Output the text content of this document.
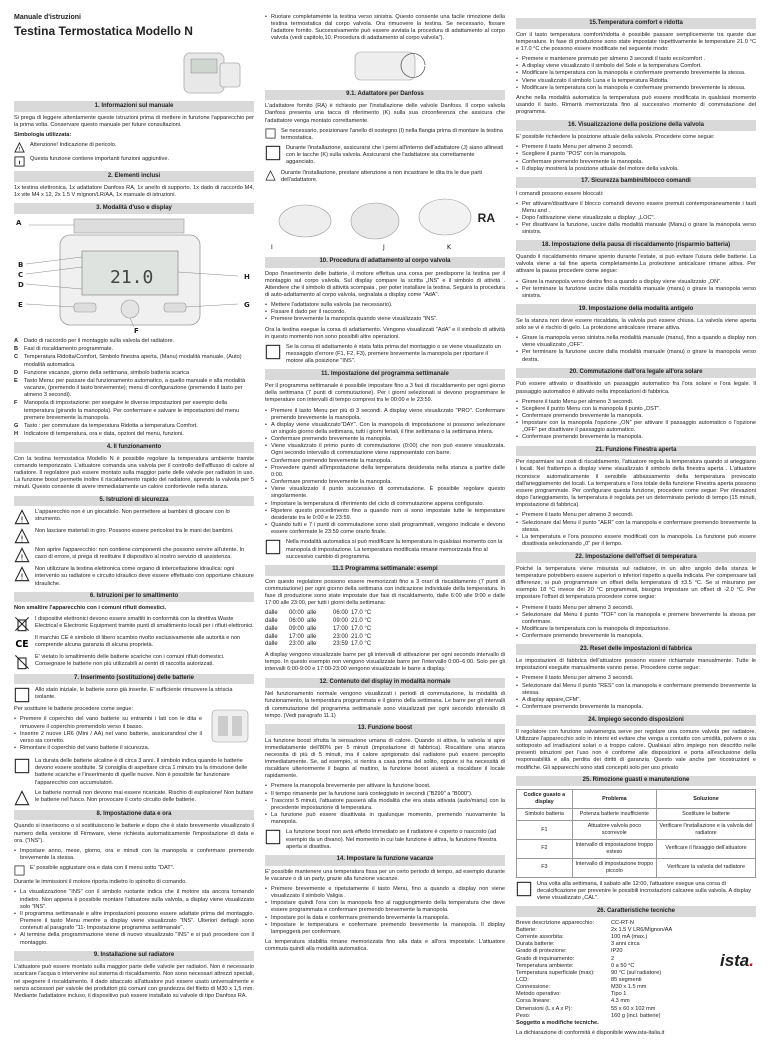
Manuale d'istruzioni
Testina Termostatica Modello N
1. Informazioni sul manuale

Si prega di leggere attentamente queste istruzioni prima di mettere in funzione l'apparecchio per la prima volta. Conservare questo manuale per future consultazioni.

Simbologia utilizzata:

!
Attenzione! Indicazione di pericolo.
Questa funzione contiene importanti funzioni aggiuntive.
2. Elementi inclusi

1x testina elettronica, 1x adattatore Danfoss RA, 1x anello di supporto, 1x dado di raccordo M4, 1x vite M4 x 12, 2x 1.5 V mignon/LR/AA, 1x manuale di istruzioni.

3. Modalità d'uso e display
A
B
C
D
E
F
G
H
21.0
A	Dado di raccordo per il montaggio sulla valvola del radiatore.
B	Fasi di riscaldamento programmate.
C	Temperatura Ridotta/Comfort, Simbolo finestra aperta, (Manu) modalità manuale, (Auto) modalità automatica.
D	Funzione vacanze, giorno della settimana, simbolo batteria scarica
E	Tasto Menu: per passare dal funzionamento automatico, a quello manuale e alla modalità vacanze, (premendo il tasto brevemente); menu di configurazione (premendo il tasto per almeno 3 secondi).
F	Manopola di impostazione: per eseguire le diverse impostazioni per esempio della temperatura (girando la manopola). Per confermare e salvare le impostazioni del menu premere brevemente la manopola.
G Tasto : per commutare da temperatura Ridotta a temperatura Comfort.
H	Indicatore di temperatura, ora e data, opzioni del menu, funzioni.
4. Il funzionamento

Con la testina termostatica Modello N è possibile regolare la temperatura ambiente tramite comando temporizzato. L'attuatore comanda una valvola per il controllo dell'afflusso di calore al radiatore. Il regolatore può essere montato sulla maggior parte delle valvole per radiatori in uso. La funzione boost permette inoltre il riscaldamento rapido del radiatore, aprendo la valvola per 5 minuti. Questo consente di avere immediatamente un calore confortevole nella stanza.

5. Istruzioni di sicurezza
!
L'apparecchio non è un giocattolo. Non permettere ai bambini di giocare con lo strumento.
!
Non lasciare materiali in giro. Possono essere pericolosi tra le mani dei bambini.
!
Non aprire l'apparecchio: non contiene componenti che possono servire all'utente. In caso di errore, si prega di restituire il dispositivo al nostro servizio di assistenza.
!
Non utilizzare la testina elettronica come organo di intercettazione idraulica: ogni intervento su radiatore e circuito idraulico deve essere effettuato con opportune chiusure idrauliche.
6. Istruzioni per lo smaltimento

Non smaltire l'apparecchio con i comuni rifiuti domestici.

I dispositivi elettronici devono essere smaltiti in conformità con la direttiva Waste Electrical e Electronic Equipment tramite punti di smaltimento locali per i rifiuti elettronici.
CE
Il marchio CE è simbolo di libero scambio rivolto esclusivamente alle autorità e non comprende alcuna garanzia di alcuna proprietà.
E' vietato lo smaltimento delle batterie scariche con i comuni rifiuti domestici. Consegnare le batterie non più utilizzabili ai centri di raccolta autorizzati.
7. Inserimento (sostituzione) delle batterie
Allo stato iniziale, le batterie sono già inserite. E' sufficiente rimuovere la striscia isolante.

Per sostituire le batterie procedere come segue:

• Premere il coperchio del vano batterie su entrambi i lati con le dita e rimuovere il coperchio premendolo verso il basso.
• Inserire 2 nuove LR6 (Mini / AA) nel vano batterie, assicurandosi che il verso sia corretto.
• Rimontare il coperchio del vano batterie il sicurezza.
La durata delle batterie alcaline è di circa 3 anni. Il simbolo indica quando le batterie devono essere sostituite. Si consiglia di aspettare circa 1 minuto tra la rimozione delle batterie scariche e l'inserimento di quelle nuove. Non è possibile far funzionare l'apparecchio con accumulatori.
Le batterie normali non devono mai essere ricaricate. Rischio di esplosione! Non buttare le batterie nel fuoco. Non provocare il corto circuito delle batterie.
8. Impostazione data e ora

Quando si inseriscono o si sostituiscono le batterie e dopo che è stato brevemente visualizzato il numero della versione di Firmware, viene richiesta automaticamente l'impostazione di data e ora. ("INS").

• Impostare anno, mese, giorno, ora e minuti con la manopola e confermare premendo brevemente la stessa.
E' possibile aggiustare ora e data con il menu sotto "DAT".

Durante le immissioni il motore riporta indietro lo spinotto di comando.

• La visualizzazione "INS" con il simbolo ruotante indica che il motore sta ancora tornando indietro. Non appena è possibile montare l'attuatore sulla valvola, a display viene visualizzato solo "INS".
• Il programma settimanale e altre impostazioni possono essere adattate prima del montaggio. Premere il tasto Menu mentre a display viene visualizzato "INS". Ulteriori dettagli sono contenuti al paragrafo "11- Impostazione programma settimanale".
• Al termine della programmazione viene di nuovo visualizzato "INS" e si può procedere con il montaggio.
9. Installazione sul radiatore

L'attuatore può essere montato sulla maggior parte delle valvole per radiatori. Non è necessario scaricare l'acqua o intervenire sul sistema di riscaldamento. Non sono necessari attrezzi speciali, né spegnere il riscaldamento. Il dado attaccato all'attuatore può essere usato universalmente e senza accessori per valvole dei produttori più comuni con grandezza del filetto di M30 x 1,5 mm. Mediante l'adattatore incluso, il dispositivo può essere installato su valvole di tipo Danfoss RA.

• Ruotare completamente la testina verso sinistra. Questo consente una facile rimozione della testina termostatica dal corpo valvola. Ora rimuovere la testina. Se necessario, fissare l'adattore fornito. Successivamente può essere avviata la procedura di adattamento al corpo valvola (vedi capitolo,10. Procedura di adattamento al corpo valvola").
9.1. Adattatore per Danfoss

L'adattatore fornito (RA) è richiesto per l'installazione delle valvole Danfoss. Il corpo valvola Danfoss presenta una tacca di riferimento (K) sulla sua circonferenza che assicura che l'adattatore venga montato correttamente.

Se necessario, posizionare l'anello di sostegno (I) nella flangia prima di montare la testina termostatica.
Durante l'installazione, assicurarsi che i perni all'interno dell'adattatore (J) siano allineati con le tacche (K) sulla valvola. Assicurarsi che l'adattatore sia correttamente agganciato.
Durante l'installazione, prestare attenzione a non incastrare le dita tra le due parti dell'adattatore.
I	J	K
RA
10. Procedura di adattamento al corpo valvola

Dopo l'inserimento delle batterie, il motore effettua una corsa per predisporre la testina per il montaggio sul corpo valvola. Sul display compare la scritta „INS" e il simbolo di attività . Attendere che il simbolo di attività scompaia , per poter installare la testina. Seguirà la procedura di auto-adattamento al corpo valvola, segnalata a display come "AdA".

• Mettere l'adattatore sulla valvola (se necessario).
• Fissare il dado per il raccordo.
• Premere brevemente la manopola quando viene visualizzato "INS".

Ora la testina esegue la corsa di adattamento. Vengono visualizzati "AdA" e il simbolo di attività in questo momento non sono possibili altre operazioni.

Se la corsa di adattamento è stata fatta prima del montaggio o se viene visualizzato un messaggio d'errore (F1, F2, F3), premere brevemente la manopola per riportare il motore alla posizione "INS".
11. Impostazione del programma settimanale

Per il programma settimanale è possibile impostare fino a 3 fasi di riscaldamento per ogni giorno della settimana (7 punti di commutazione). Per i giorni selezionati si devono programmare le temperature con intervalli di tempo compresi tra le 00:00 e le 23:59.

• Premere il tasto Menu per più di 3 secondi. A display viene visualizzato "PRO". Confermare premendo brevemente la manopola.
• A display viene visualizzato"DAY". Con la manopola di impostazione si possono selezionare un singolo giorno della settimana, tutti i giorni feriali, il fine settimana o la settimana intera.
• Confermare premendo brevemente la manopola.
• Viene visualizzato il primo punto di commutazione (0:00) che non può essere visualizzata. Ogni secondo intervallo di commutazione viene rappresentato con barre.
• Confermare premendo brevemente la manopola.
• Provvedere quindi all'impostazione della temperatura desiderata nella stanza a partire dalle 0:00.
• Confermare premendo brevemente la manopola.
• Viene visualizzato il punto successivo di commutazione. È possibile regolare questo singolarmente.
• Impostare la temperatura di riferimento del ciclo di commutazione appena configurato.
• Ripetere questo procedimento fino a quando non si sono impostate tutte le temperature desiderate tra le 0:00 e le 23:59.
• Quando tutti e 7 i punti di commutazione sono stati programmati, vengono indicate e devono essere confermate le 23:59 come orario finale.
Nella modalità automatica si può modificare la temperatura in qualsiasi momento con la manopola di impostazione. La temperatura modificata rimane memorizzata fino al successivo cambio di programma.
11.1 Programma settimanale: esempi

Con questo regolatore possono essere memorizzati fino a 3 orari di riscaldamento (7 punti di commutazione) per ogni giorno della settimana con indicazione individuale della temperatura. In fase di produzione sono state impostate due fasi di riscaldamento, dalle 6:00 alle 9:00 e dalle 17:00 alle 23:00, per tutti i giorni della settimana:

dalle	00:00 alle	06:00 17.0 °C
dalle	06:00 alle	09:00 21.0 °C
dalle	09:00 alle	17:00 17.0 °C
dalle	17:00 alle	23:00 21.0 °C
dalle	23:00 alle	23:59 17.0 °C

A display vengono visualizzate barre per gli intervalli di attivazione per ogni secondo intervallo di tempo. In questo esempio non vengono visualizzate barre per l'intervallo 0:00–6:00. Solo per gli intervalli 6:00-9:00 e 17:00-23:00 vengono visualizzate le barre a display.

12. Contenuto del display in modalità normale

Nel funzionamento normale vengono visualizzati i periodi di commutazione, la modalità di funzionamento, la temperatura programmata e il giorno della settimana. Le barre per gli intervalli di commutazione del programma settimanale sono visualizzati per ogni secondo intervallo di tempo. (Vedi paragrafo 11.1)

13. Funzione boost

La funzione boost sfrutta la sensazione umana di calore. Quando si attiva, la valvola si apre immediatamente dell'80% per 5 minuti (impostazione di fabbrica). Riscaldare una stanza necessita di più di 5 minuti, ma il calore sprigionato dal radiatore può essere percepito immediatamente. Se, ad esempio, si rientra a casa prima del solito, oppure si ha necessità di riscaldare ulteriormente il bagno al mattino, la funzione boost aiuterà a riscaldare il locale rapidamente.

• Premere la manopola brevemente per attivare la funzione boost.
• Il tempo rimanente per la funzione sarà conteggiato in secondi ("B299" a "B000").
• Trascorsi 5 minuti, l'attuatore passerà alla modalità che era stata attivata (auto/manu) con la precedente impostazione di temperatura.
• La funzione può essere disattivata in qualunque momento, premendo nuovamente la manopola.
La funzione boost non avrà effetto immediato se il radiatore è coperto o nascosto (ad esempio da un divano). Nel momento in cui tale funzione è attiva, la funzione finestra aperta si disattiva.
14. Impostare la funzione vacanze

E' possibile mantenere una temperatura fissa per un certo periodo di tempo, ad esempio durante le vacanze o di un party, grazie alla funzione vacanze.

• Premere brevemente e ripetutamente il tasto Menu, fino a quando a display non viene visualizzato il simbolo Valigia .
• Impostare quindi l'ora con la manopola fino al raggiungimento della temperatura che deve essere programmata e confermare premendo brevemente la manopola.
• Impostare poi la data e confermare premendo brevemente la manopola.
• Impostare le temperatura e confermare premendo brevemente la manopola. Il display lampeggerà per confermare.

La temperatura stabilita rimane memorizzata fino alla data e all'ora impostate. L'attuatore commuta quindi alla modalità automatica.

15.Temperatura comfort e ridotta

Con il tasto temperatura comfort/ridotta è possibile passare semplicemente tra queste due temperature. In fase di produzione sono state impostate rispettivamente le temperature 21.0 °C e 17.0 °C che possono essere modificate nel seguente modo:

• Premere e mantenere premuto per almeno 3 secondi il tasto eco/comfort .
• A display viene visualizzato il simbolo del Sole e la temperatura Comfort.
• Modificare la temperatura con la manopola e confermare premendo brevemente la stessa.
• Viene visualizzato il simbolo Luna e la temperatura Ridotta.
• Modificare la temperatura con la manopola e confermare premendo brevemente la stessa.

Anche nella modalità automatica la temperatura può essere modificata in qualsiasi momento usando il tasto. Rimarrà memorizzata fino al successivo momento di commutazione del programma.

16. Visualizzazione della posizione della valvola

E' possibile richiedere la posizione attuale della valvola. Procedere come segue:

• Premere il tasto Menu per almeno 3 secondi.
• Scegliere il punto "POS" con la manopola.
• Confermare premendo brevemente la manopola.
• Il display mostrerà la posizione attuale del motore della valvola.
17. Sicurezza bambini/blocco comandi

I comandi possono essere bloccati:

• Per attivare/disattivare il blocco comandi devono essere premuti contemporaneamente i tasti Menu and .
• Dopo l'attivazione viene visualizzato a display: „LOC".
• Per disattivare la funzione, uscire dalla modalità manuale (Manu) o girare la manopola verso sinistra.
18. Impostazione della pausa di riscaldamento (risparmio batteria)

Quando il riscaldamento rimane spento durante l'estate, si può evitare l'usura delle batterie. La valvola viene a tal fine aperta completamente.La protezione anticalcare rimane attiva. Per attivare la pausa procedere come segue:

• Girare la manopola verso destra fino a quando a display viene visualizzato „ON".
• Per terminare la funzione uscire dalla modalità manuale (manu) o girare la manopola verso sinistra.
19. Impostazione della modalità antigelo

Se la stanza non deve essere riscaldata, la valvola può essere chiusa. La valvola viene aperta solo se vi è rischio di gelo. La protezione anticalcare rimane attiva.

• Girare la manopola verso sinistra nella modalità manuale (manu), fino a quando a display non viene visualizzato „OFF".
• Per terminare la funzione uscire dalla modalità manuale (manu) o girare la manopola verso destra.
20. Commutazione dall'ora legale all'ora solare

Può essere attivato o disattivato un passaggio automatico fra l'ora solare e l'ora legale. Il passaggio automatico è attivato nella impostazioni di fabbrica.

• Premere il tasto Menu per almeno 3 secondi.
• Scegliere il punto Menu con la manopola il punto „DST".
• Confermare premendo brevemente la manopola.
• Impostare con la manopola l'opzione „ON" per attivare il passaggio automatico o l'opzione „OFF" per disattivare il passaggio automatico.
• Confermare premendo brevemente la manopola.
21. Funzione Finestra aperta

Per risparmiare sui costi di riscaldamento, l'attuatore regola la temperatura quando si arieggiano i locali. Nel frattempo a display viene visualizzato il simbolo della finestra aperta . L'attuatore riconosce automaticamente il sensibile abbassamento della temperatura provocato dall'arieggiamento dei locali. La temperatura e l'ora totale della funzione Finestra aperta possono essere programmate. Per configurare questa funzione, procedere come segue: Per rilevazioni dopo l'arieggiamento, la temperatura è regolata per un determinato periodo di tempo (15 minuti, impostazione di fabbrica).

• Premere il tasto Menu per almeno 3 secondi.
• Selezionare dal Menu il punto "AER" con la manopola e confermare premendo brevemente la stessa.
• La temperatura e l'ora possono essere modificati con la manopola. La funzione può essere disattivata selezionando „0" per il tempo.
22. Impostazione dell'offset di temperatura

Poiché la temperatura viene misurata sul radiatore, in un altro angolo della stanza le temperature potrebbero essere superiori o inferiori rispetto a quella indicata. Per compensare tali differenze, si può programmare un offset della temperatura di ±3.5 °C. Se si misurano per esempio 18 °C invece dei 20 °C programmati, bisogna impostare un offset di -2.0 °C. Per impostare l'offset di temperatura procedere come segue:

• Premere il tasto Menu per almeno 3 secondi.
• Selezionare dal Menu il punto "TOF" con la manopola e premere brevemente la stessa per confermare.
• Modificare la temperatura con la manopola di impostazione.
• Confermare premendo brevemente la manopola.
23. Reset delle impostazioni di fabbrica

Le impostazioni di fabbrica dell'attuatore possono essere richiamate manualmente. Tutte le impostazioni eseguite manualmente vanno perse. Procedere come segue:

• Premere il tasto Menu per almeno 3 secondi.
• Selezionare dal Menu il punto "RES" con la manopola e confermare premendo brevemente la stessa.
• A display appare„CFM".
• Confermare premendo brevemente la manopola.
24. Impiego secondo disposizioni

Il regolatore con funzione salvaenergia serve per regolare una comune valvola per radiatore. Utilizzare l'apparecchio solo in interni ed evitare che venga a contatto con umidità, polvere o sia sottoposto ad irradiazioni solari o a troppo calore. Qualsiasi altro impiego non descritto nelle presenti istruzioni per l'uso non è conforme alle disposizioni e porta all'esclusione della responsabilità e alla perdita dei diritti di garanzia. Questo vale anche per ricostruzioni e modifiche. Gli apparecchi sono stati concepiti solo per uso privato

25. Rimozione guasti e manutenzione
Codice guasto a display	Problema	Soluzione
Simbolo batteria	Potenza batterie insufficiente	Sostituire le batterie
F1	Attuatore valvola poco scorrevole	Verificare l'installazione e la valvola del radiatore
F2	Intervallo di impostazione troppo esteso	Verificare il fissaggio dell'attuatore
F3	Intervallo di impostazione troppo piccolo	Verificare la valvola del radiatore
Una volta alla settimana, il sabato alle 12:00, l'attuatore esegue una corsa di decalcificazione per prevenire le possibili incrostazioni calcaree sulla valvola. A display viene visualizzato „CAL".
26. Caratteristiche tecniche
Breve descrizione apparecchio:	CC-RT-N
Batterie:	2x 1.5 V LR6/Mignon/AA
Corrente assorbita:	100 mA (max.)
Durata batterie:	3 anni circa
Grado di protezione:	IP20
Grado di inquinamento:	2
Temperatura ambiente:	0 a 50 °C
Temperatura superficiale (max):	90 °C (sul radiatore)
LCD:	85 segmenti
Connessione:	M30 x 1.5 mm
Metodo operativo:	Tipo 1
Corsa lineare:	4.3 mm
Dimensioni (L x A x P):	55 x 60 x 102 mm
Peso:	160 g (incl. batterie)

Soggetto a modifiche tecniche.

La dichiarazione di conformità è disponibile www.ista-italia.it

ista.
